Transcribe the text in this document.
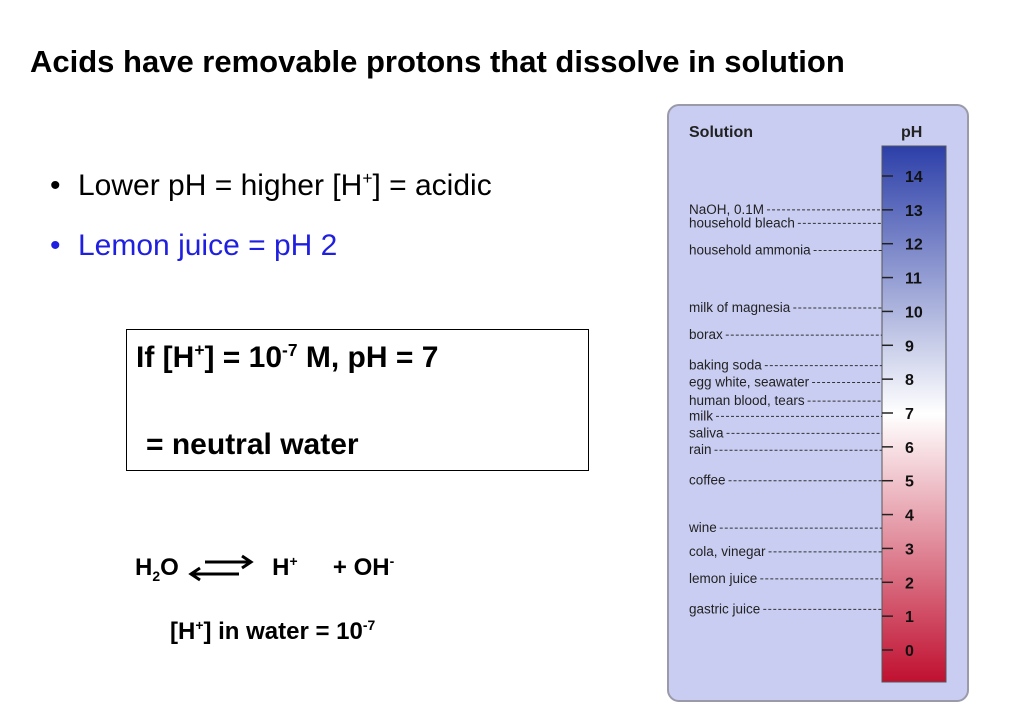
Acids have removable protons that dissolve in solution
• Lower pH = higher [H+] = acidic
• Lemon juice = pH 2
If $[H^+] = 10^{-7}$ M, pH = 7
= neutral water
$H_2O$ ⇌ H+ + OH-
[H+] in water = $10^{-7}$
Solution	pH
14
13
12
11
10
9
8
7
6
5
4
3
2
1
0
NaOH, 0.1M
household bleach
household ammonia
milk of magnesia
borax
baking soda
egg white, seawater
human blood, tears
milk
saliva
rain
coffee
wine
cola, vinegar
lemon juice
gastric juice
